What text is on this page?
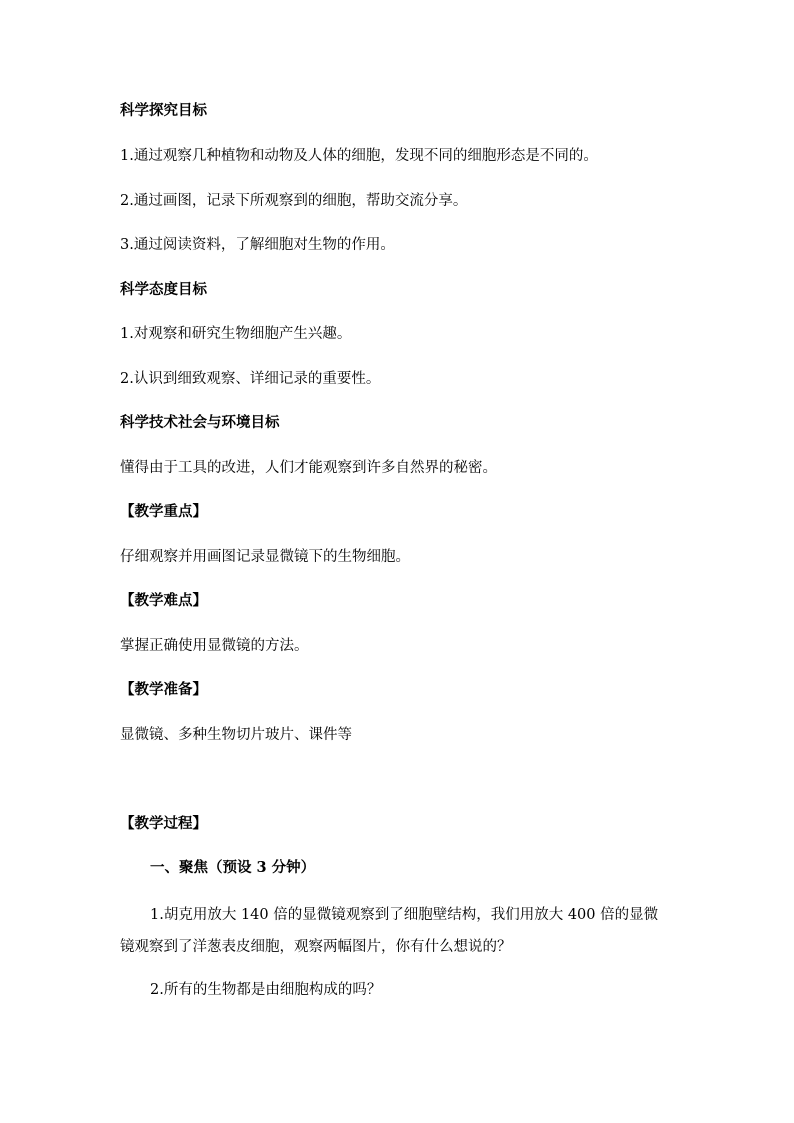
科学探究目标
1.通过观察几种植物和动物及人体的细胞，发现不同的细胞形态是不同的。
2.通过画图，记录下所观察到的细胞，帮助交流分享。
3.通过阅读资料，了解细胞对生物的作用。
科学态度目标
1.对观察和研究生物细胞产生兴趣。
2.认识到细致观察、详细记录的重要性。
科学技术社会与环境目标
懂得由于工具的改进，人们才能观察到许多自然界的秘密。
【教学重点】
仔细观察并用画图记录显微镜下的生物细胞。
【教学难点】
掌握正确使用显微镜的方法。
【教学准备】
显微镜、多种生物切片玻片、课件等
【教学过程】
一、聚焦（预设 3 分钟）
1.胡克用放大 140 倍的显微镜观察到了细胞壁结构，我们用放大 400 倍的显微镜观察到了洋葱表皮细胞，观察两幅图片，你有什么想说的？
2.所有的生物都是由细胞构成的吗？
